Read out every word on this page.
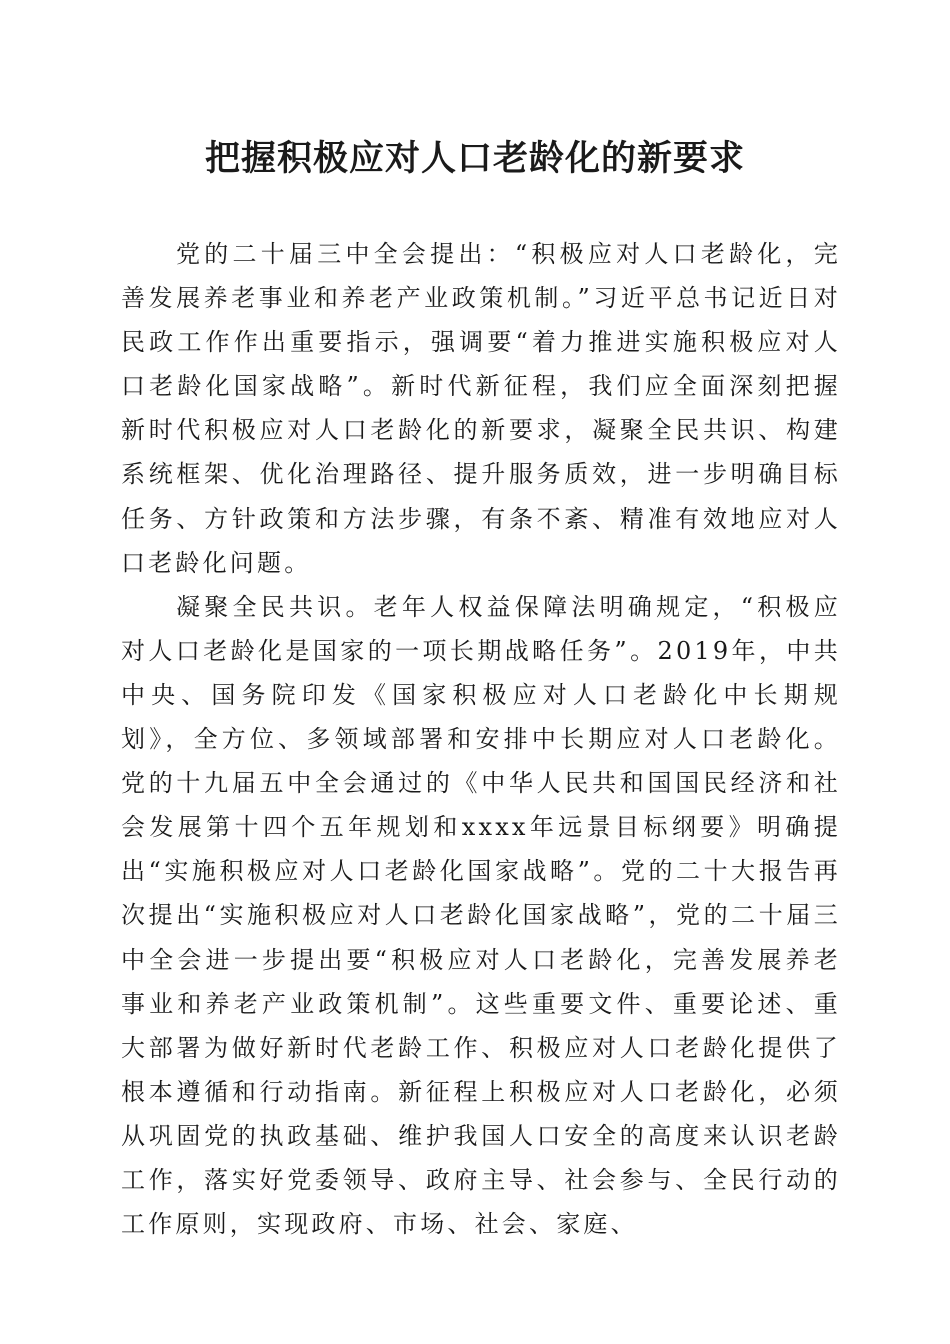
把握积极应对人口老龄化的新要求

党的二十届三中全会提出：“积极应对人口老龄化，完善发展养老事业和养老产业政策机制。”习近平总书记近日对民政工作作出重要指示，强调要“着力推进实施积极应对人口老龄化国家战略”。新时代新征程，我们应全面深刻把握新时代积极应对人口老龄化的新要求，凝聚全民共识、构建系统框架、优化治理路径、提升服务质效，进一步明确目标任务、方针政策和方法步骤，有条不紊、精准有效地应对人口老龄化问题。

凝聚全民共识。老年人权益保障法明确规定，“积极应对人口老龄化是国家的一项长期战略任务”。2019年，中共中央、国务院印发《国家积极应对人口老龄化中长期规划》，全方位、多领域部署和安排中长期应对人口老龄化。党的十九届五中全会通过的《中华人民共和国国民经济和社会发展第十四个五年规划和xxxx年远景目标纲要》明确提出“实施积极应对人口老龄化国家战略”。党的二十大报告再次提出“实施积极应对人口老龄化国家战略”，党的二十届三中全会进一步提出要“积极应对人口老龄化，完善发展养老事业和养老产业政策机制”。这些重要文件、重要论述、重大部署为做好新时代老龄工作、积极应对人口老龄化提供了根本遵循和行动指南。新征程上积极应对人口老龄化，必须从巩固党的执政基础、维护我国人口安全的高度来认识老龄工作，落实好党委领导、政府主导、社会参与、全民行动的工作原则，实现政府、市场、社会、家庭、
